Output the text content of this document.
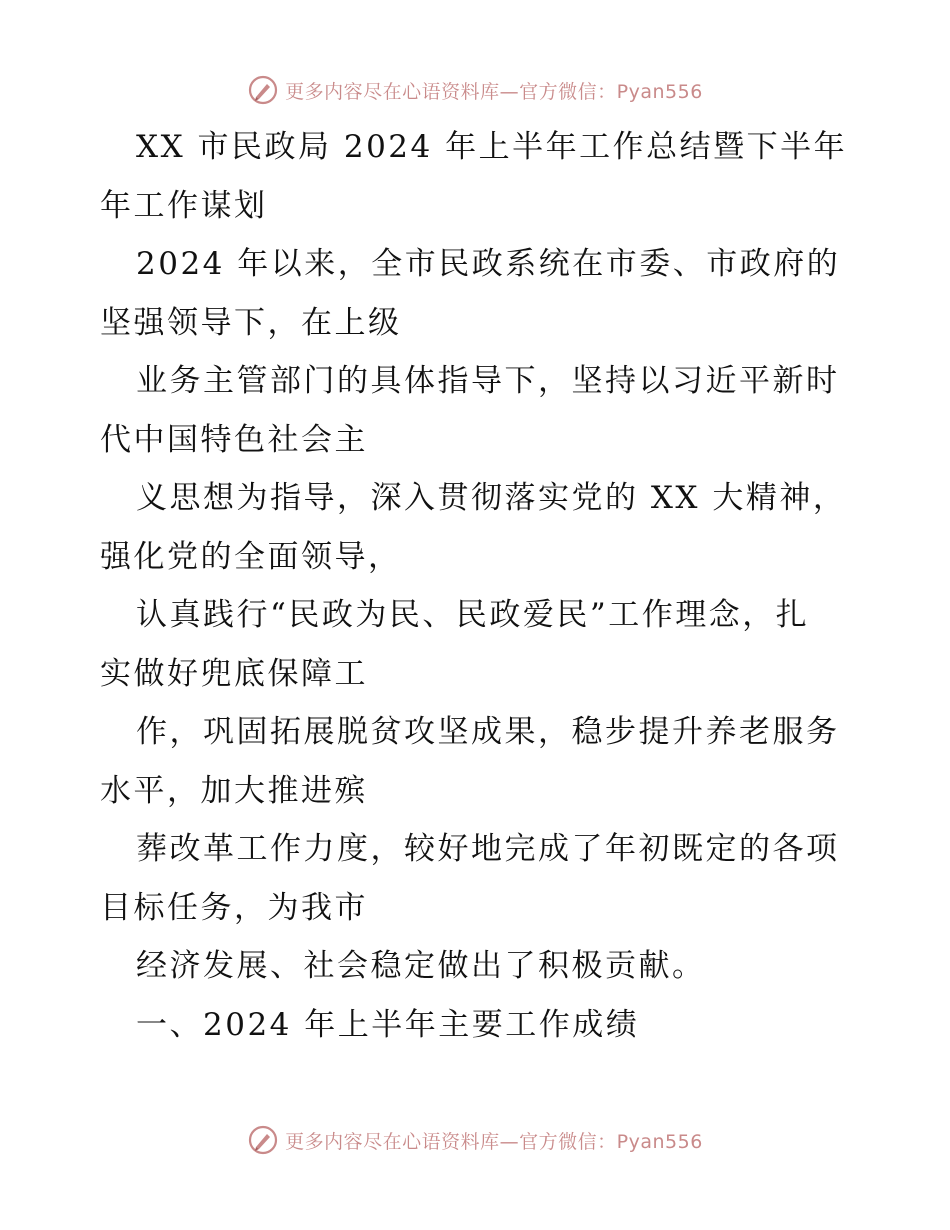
更多内容尽在心语资料库—官方微信：Pyan556

XX 市民政局 2024 年上半年工作总结暨下半年
年工作谋划

2024 年以来，全市民政系统在市委、市政府的
坚强领导下，在上级

业务主管部门的具体指导下，坚持以习近平新时
代中国特色社会主

义思想为指导，深入贯彻落实党的 XX 大精神，
强化党的全面领导，

认真践行“民政为民、民政爱民”工作理念，扎
实做好兜底保障工

作，巩固拓展脱贫攻坚成果，稳步提升养老服务
水平，加大推进殡

葬改革工作力度，较好地完成了年初既定的各项
目标任务，为我市

经济发展、社会稳定做出了积极贡献。

一、2024 年上半年主要工作成绩

更多内容尽在心语资料库—官方微信：Pyan556
